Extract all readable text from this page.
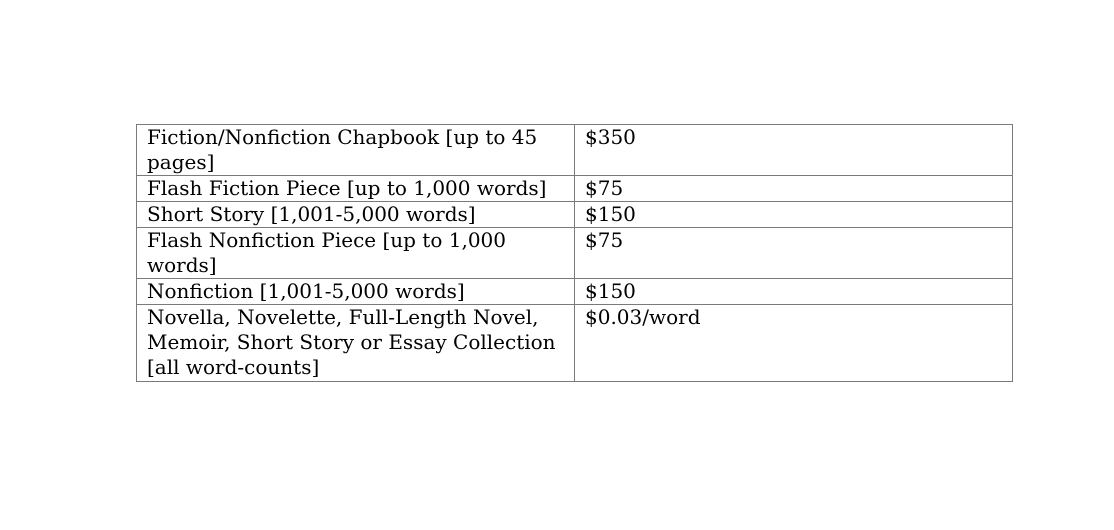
Fiction/Nonfiction Chapbook [up to 45 pages]	$350
Flash Fiction Piece [up to 1,000 words]	$75
Short Story [1,001-5,000 words]	$150
Flash Nonfiction Piece [up to 1,000 words]	$75
Nonfiction [1,001-5,000 words]	$150
Novella, Novelette, Full-Length Novel, Memoir, Short Story or Essay Collection [all word-counts]	$0.03/word
